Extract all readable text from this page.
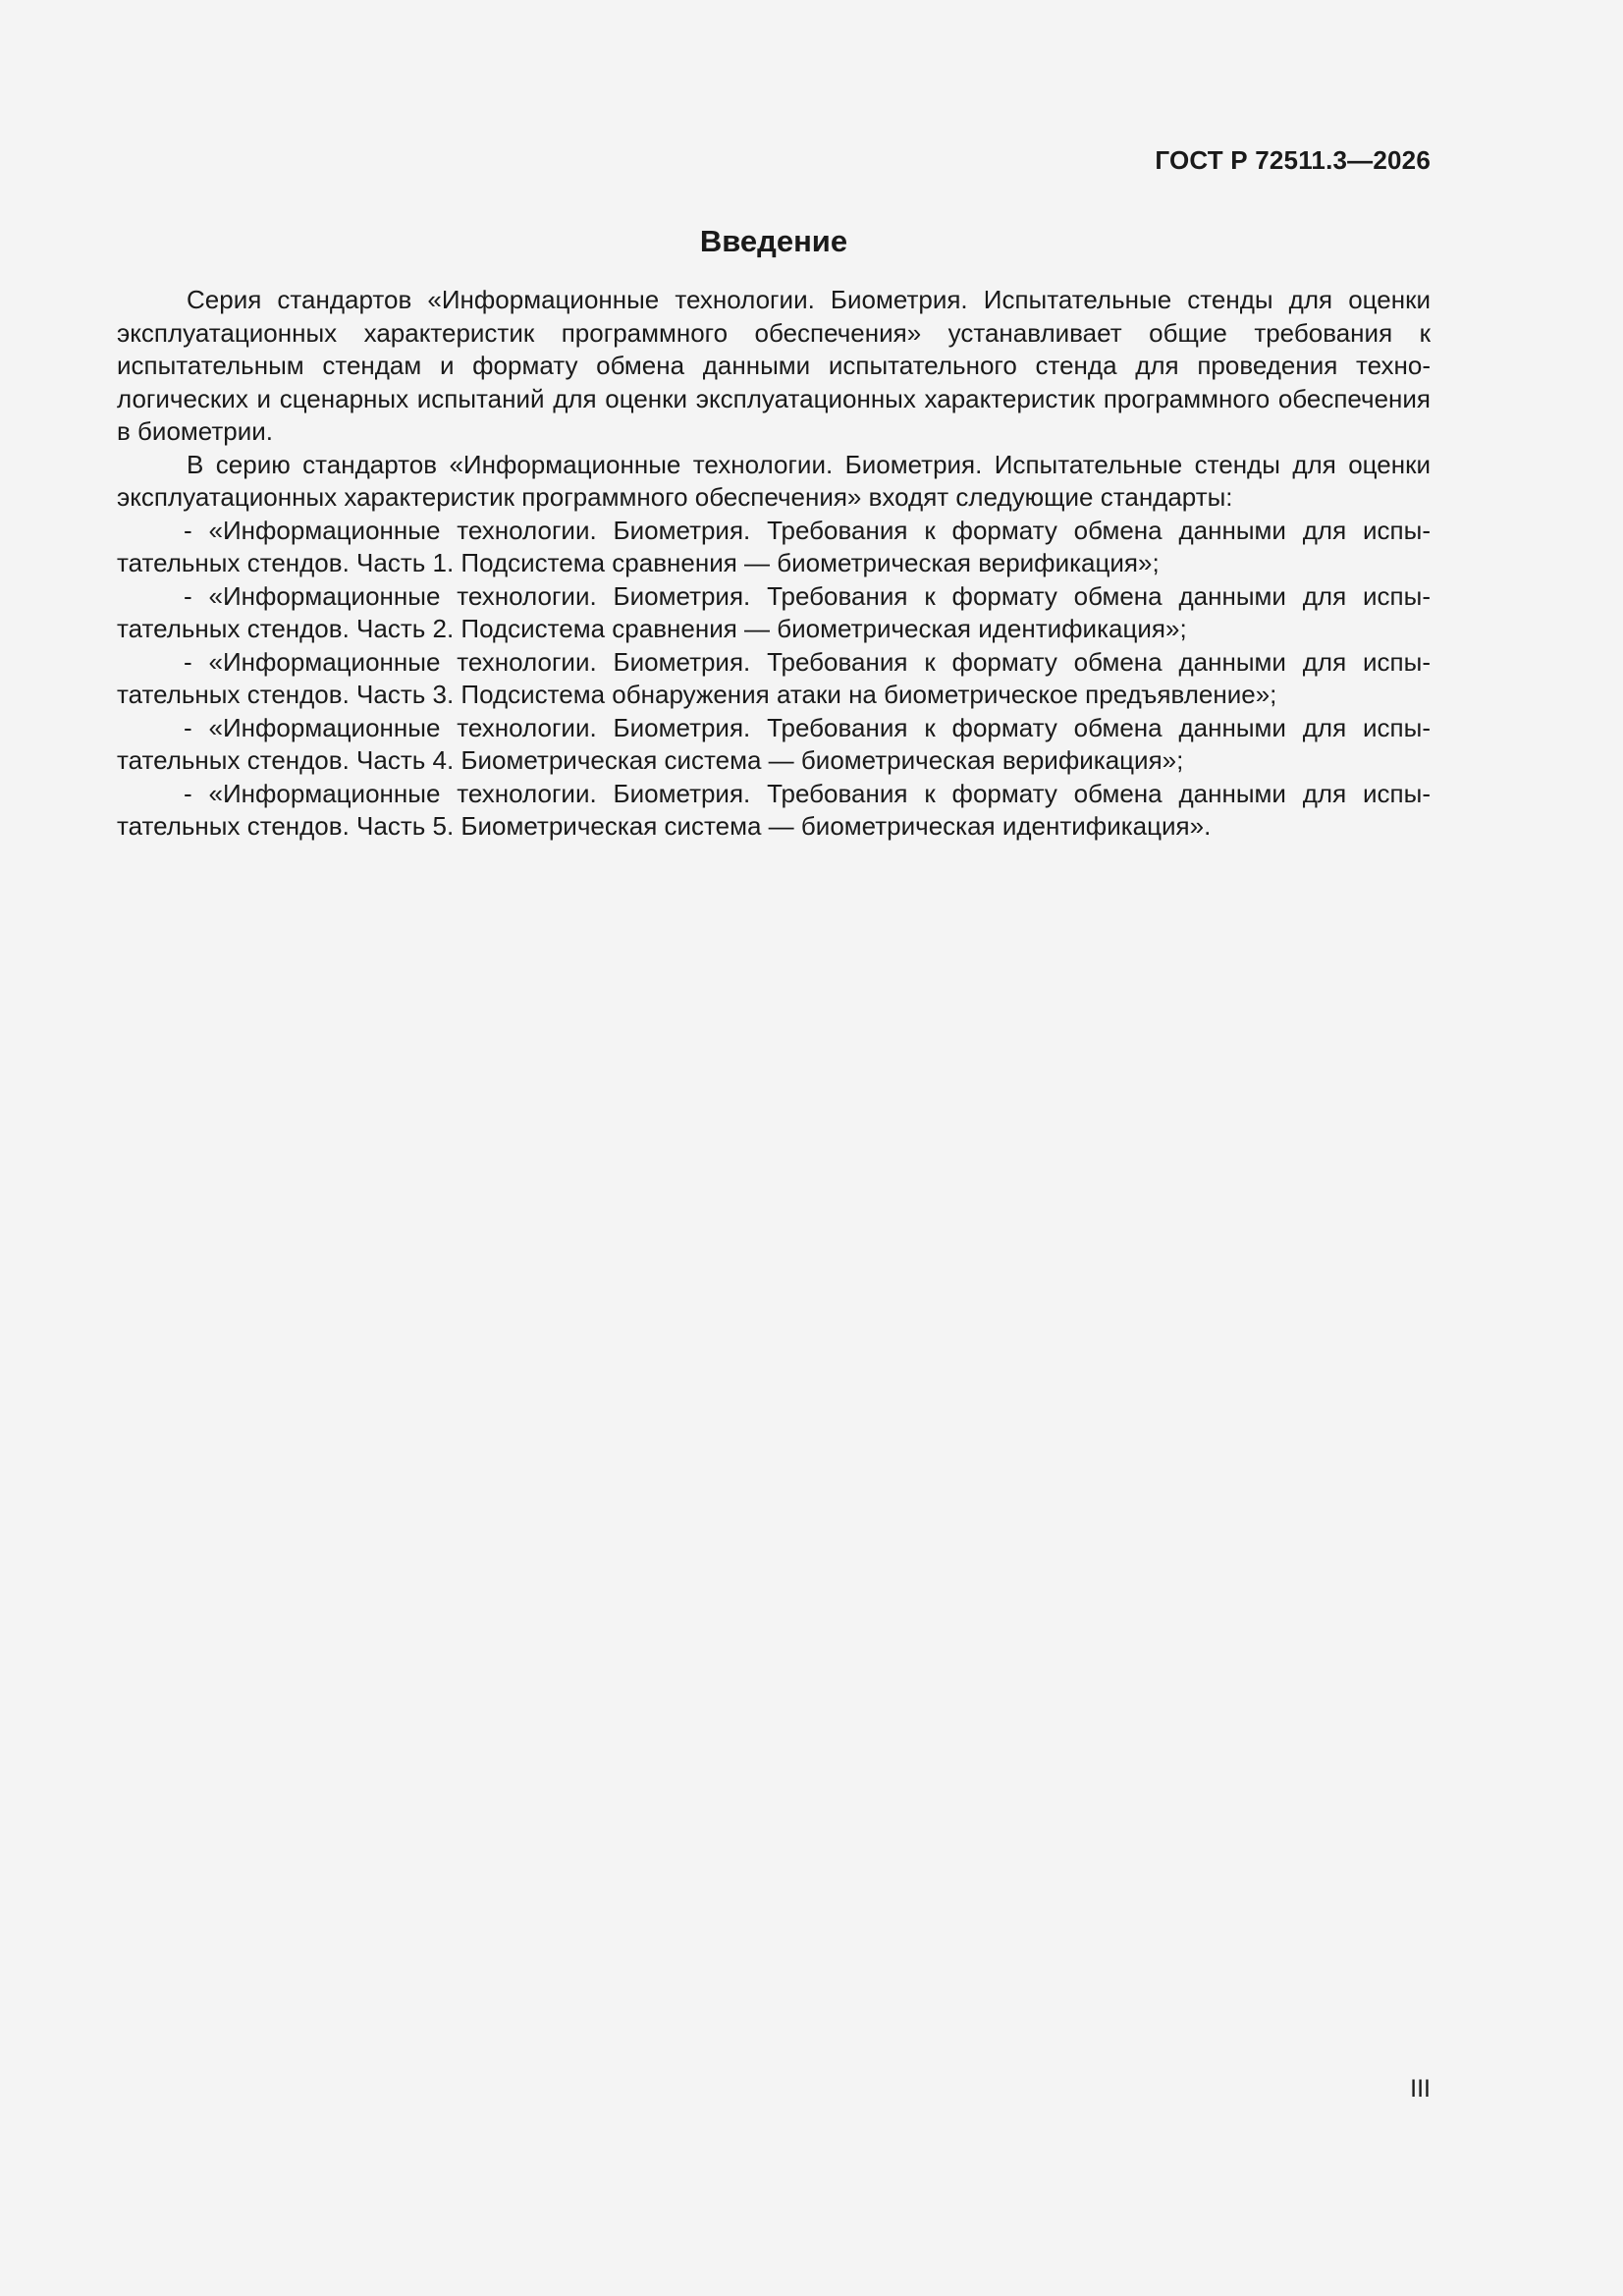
ГОСТ Р 72511.3—2026
Введение

Серия стандартов «Информационные технологии. Биометрия. Испытательные стенды для оценки эксплуатационных характеристик программного обеспечения» устанавливает общие требования к испытательным стендам и формату обмена данными испытательного стенда для проведения технологических и сценарных испытаний для оценки эксплуатационных характеристик программного обеспечения в биометрии.

В серию стандартов «Информационные технологии. Биометрия. Испытательные стенды для оценки эксплуатационных характеристик программного обеспечения» входят следующие стандарты:

- «Информационные технологии. Биометрия. Требования к формату обмена данными для испытательных стендов. Часть 1. Подсистема сравнения — биометрическая верификация»;
- «Информационные технологии. Биометрия. Требования к формату обмена данными для испытательных стендов. Часть 2. Подсистема сравнения — биометрическая идентификация»;
- «Информационные технологии. Биометрия. Требования к формату обмена данными для испытательных стендов. Часть 3. Подсистема обнаружения атаки на биометрическое предъявление»;
- «Информационные технологии. Биометрия. Требования к формату обмена данными для испытательных стендов. Часть 4. Биометрическая система — биометрическая верификация»;
- «Информационные технологии. Биометрия. Требования к формату обмена данными для испытательных стендов. Часть 5. Биометрическая система — биометрическая идентификация».
III
